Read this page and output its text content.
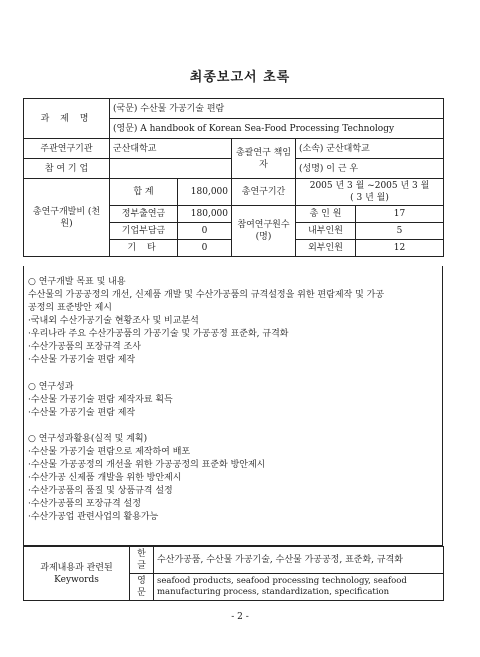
최종보고서 초록
과 제 명	(국문) 수산물 가공기술 편람				
	(영문) A handbook of Korean Sea-Food Processing Technology				
주관연구기관	군산대학교		총괄연구 책임자	(소속) 군산대학교	
참 여 기 업				(성명) 이 근 우	
총연구개발비 (천원)	합 계	180,000	총연구기간	2005 년 3 월 ~2005 년 3 월
( 3 년 월)	

	정부출연금	180,000	참여연구원수 (명)	총 인 원	17
	기업부담금	0		내부인원	5
	기 타	0		외부인원	12
○ 연구개발 목표 및 내용
수산물의 가공공정의 개선, 신제품 개발 및 수산가공품의 규격설정을 위한 편람제작 및 가공
공정의 표준방안 제시
·국내외 수산가공기술 현황조사 및 비교분석
·우리나라 주요 수산가공품의 가공기술 및 가공공정 표준화, 규격화
·수산가공품의 포장규격 조사
·수산물 가공기술 편람 제작
○ 연구성과
·수산물 가공기술 편람 제작자료 획득
·수산물 가공기술 편람 제작
○ 연구성과활용(실적 및 계획)
·수산물 가공기술 편람으로 제작하여 배포
·수산물 가공공정의 개선을 위한 가공공정의 표준화 방안제시
·수산가공 신제품 개발을 위한 방안제시
·수산가공품의 품질 및 상품규격 설정
·수산가공품의 포장규격 설정
·수산가공업 관련사업의 활용가능
과제내용과 관련된 Keywords	한글	수산가공품, 수산물 가공기술, 수산물 가공공정, 표준화, 규격화
	영문	seafood products, seafood processing technology, seafood manufacturing process, standardization, specification
- 2 -
